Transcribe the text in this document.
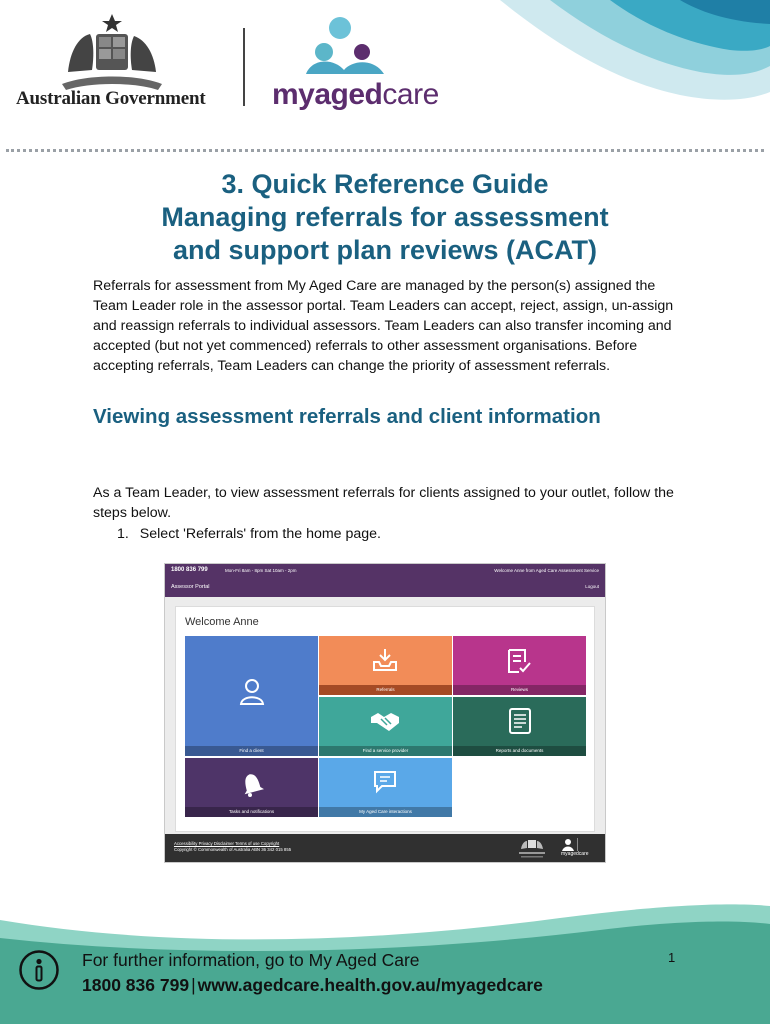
Australian Government myagedcare
3. Quick Reference Guide
Managing referrals for assessment
and support plan reviews (ACAT)

Referrals for assessment from My Aged Care are managed by the person(s) assigned the Team Leader role in the assessor portal. Team Leaders can accept, reject, assign, un-assign and reassign referrals to individual assessors. Team Leaders can also transfer incoming and accepted (but not yet commenced) referrals to other assessment organisations. Before accepting referrals, Team Leaders can change the priority of assessment referrals.

Viewing assessment referrals and client information

As a Team Leader, to view assessment referrals for clients assigned to your outlet, follow the steps below.

1. Select 'Referrals' from the home page.
1800 836 799	Mon-Fri 8am - 8pm Sat 10am - 2pm	Welcome Anne from Aged Care Assessment Service
Assessor Portal	Logout
Welcome Anne
Find a client
Referrals	Reviews
Find a service provider	Reports and documents
Tasks and notifications	My Aged Care interactions
Accessibility Privacy Disclaimer Terms of use Copyright
Copyright © Commonwealth of Australia ABN 36 342 015 855
myagedcare
For further information, go to My Aged Care
1800 836 799 | www.agedcare.health.gov.au/myagedcare
1
